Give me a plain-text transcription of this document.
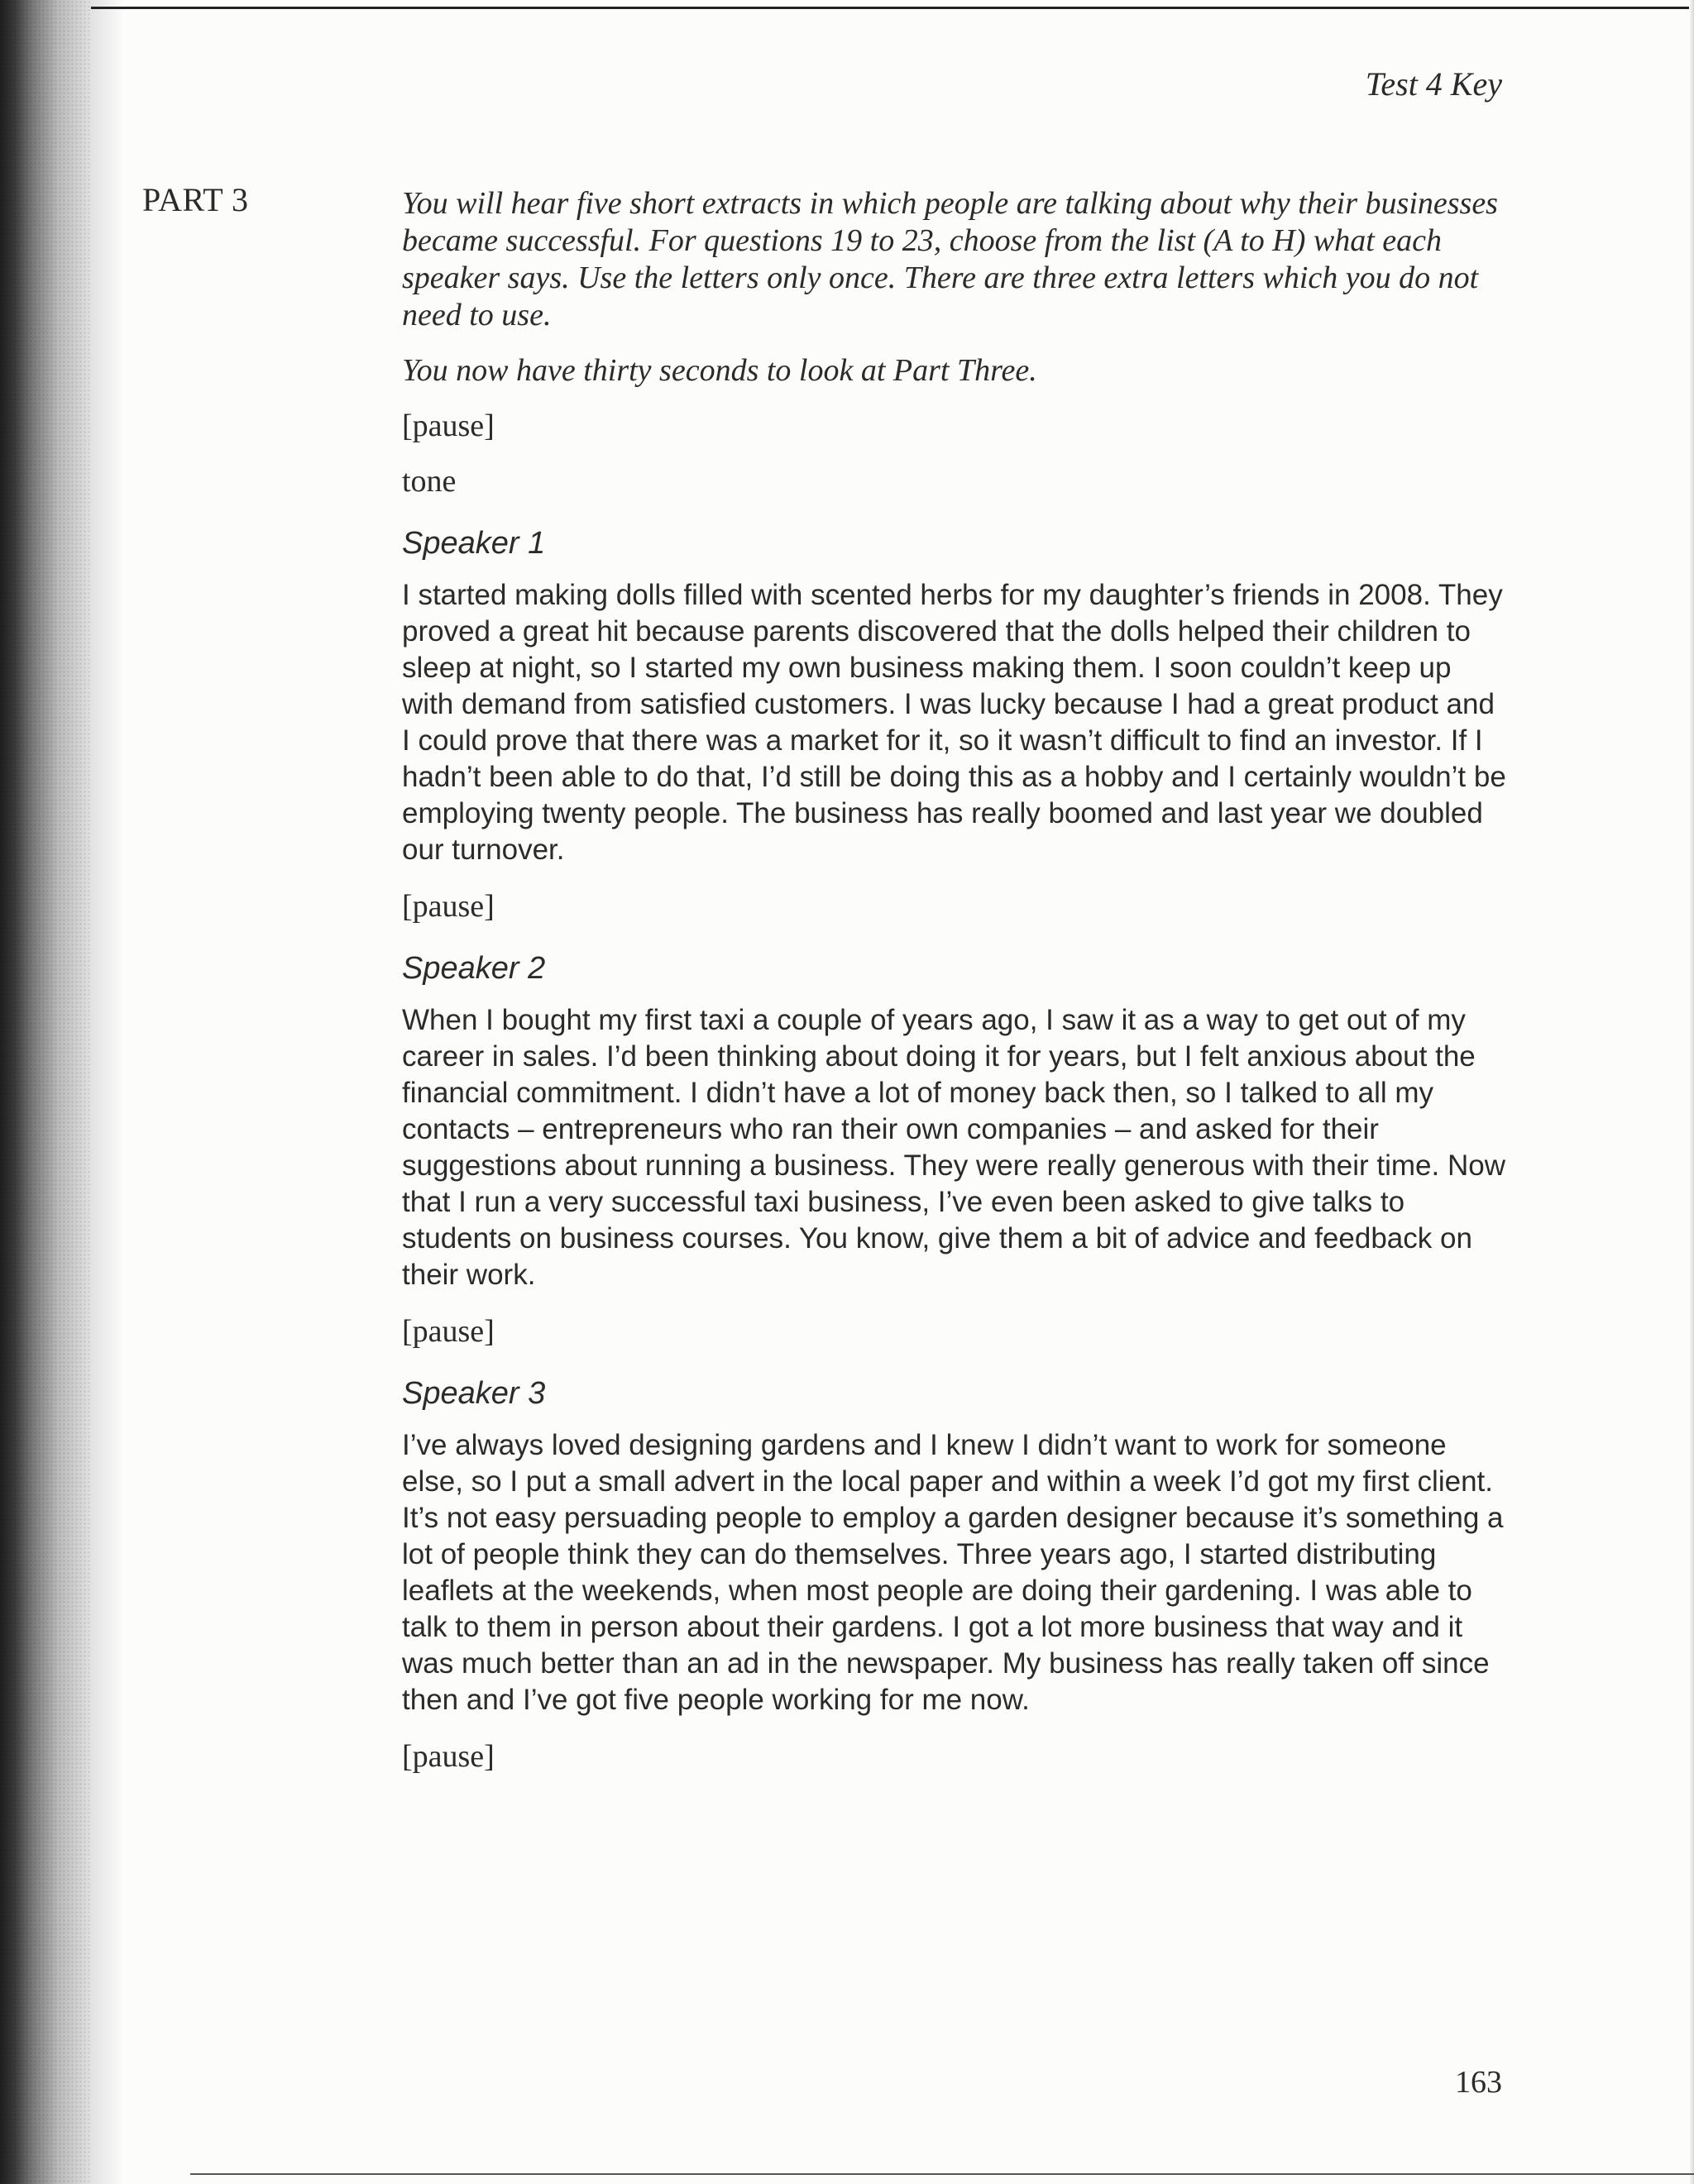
Test 4 Key
PART 3	You will hear five short extracts in which people are talking about why their businesses became successful. For questions 19 to 23, choose from the list (A to H) what each speaker says. Use the letters only once. There are three extra letters which you do not need to use.

You now have thirty seconds to look at Part Three.

[pause]

tone

Speaker 1

I started making dolls filled with scented herbs for my daughter’s friends in 2008. They proved a great hit because parents discovered that the dolls helped their children to sleep at night, so I started my own business making them. I soon couldn’t keep up with demand from satisfied customers. I was lucky because I had a great product and I could prove that there was a market for it, so it wasn’t difficult to find an investor. If I hadn’t been able to do that, I’d still be doing this as a hobby and I certainly wouldn’t be employing twenty people. The business has really boomed and last year we doubled our turnover.

[pause]

Speaker 2

When I bought my first taxi a couple of years ago, I saw it as a way to get out of my career in sales. I’d been thinking about doing it for years, but I felt anxious about the financial commitment. I didn’t have a lot of money back then, so I talked to all my contacts – entrepreneurs who ran their own companies – and asked for their suggestions about running a business. They were really generous with their time. Now that I run a very successful taxi business, I’ve even been asked to give talks to students on business courses. You know, give them a bit of advice and feedback on their work.

[pause]

Speaker 3

I’ve always loved designing gardens and I knew I didn’t want to work for someone else, so I put a small advert in the local paper and within a week I’d got my first client. It’s not easy persuading people to employ a garden designer because it’s something a lot of people think they can do themselves. Three years ago, I started distributing leaflets at the weekends, when most people are doing their gardening. I was able to talk to them in person about their gardens. I got a lot more business that way and it was much better than an ad in the newspaper. My business has really taken off since then and I’ve got five people working for me now.

[pause]

163
